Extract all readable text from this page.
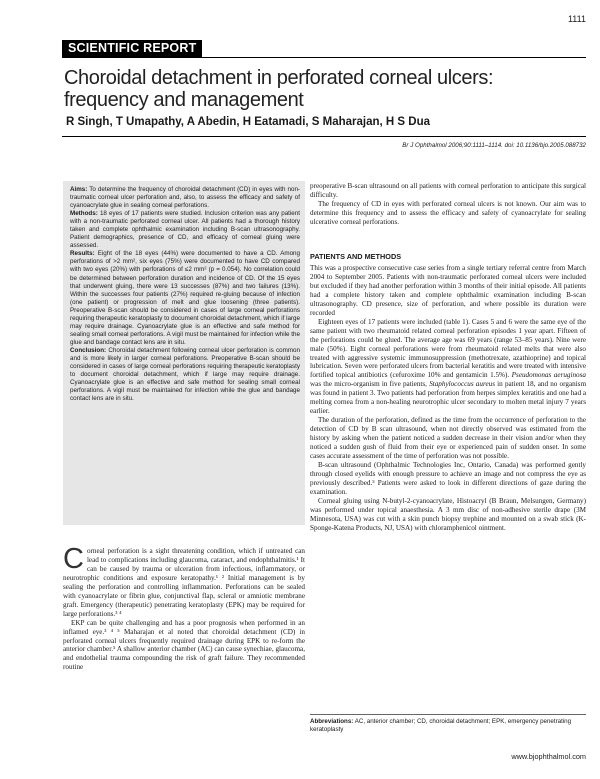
1111
SCIENTIFIC REPORT
Choroidal detachment in perforated corneal ulcers:
frequency and management
R Singh, T Umapathy, A Abedin, H Eatamadi, S Maharajan, H S Dua
Br J Ophthalmol 2006;90:1111–1114. doi: 10.1136/bjo.2005.088732

Aims: To determine the frequency of choroidal detachment (CD) in eyes with non-traumatic corneal ulcer perforation and, also, to assess the efficacy and safety of cyanoacrylate glue in sealing corneal perforations.

Methods: 18 eyes of 17 patients were studied. Inclusion criterion was any patient with a non-traumatic perforated corneal ulcer. All patients had a thorough history taken and complete ophthalmic examination including B-scan ultrasonography. Patient demographics, presence of CD, and efficacy of corneal gluing were assessed.

Results: Eight of the 18 eyes (44%) were documented to have a CD. Among perforations of >2 mm², six eyes (75%) were documented to have CD compared with two eyes (20%) with perforations of ≤2 mm² (p = 0.054). No correlation could be determined between perforation duration and incidence of CD. Of the 15 eyes that underwent gluing, there were 13 successes (87%) and two failures (13%). Within the successes four patients (27%) required re-gluing because of infection (one patient) or progression of melt and glue loosening (three patients). Preoperative B-scan should be considered in cases of large corneal perforations requiring therapeutic keratoplasty to document choroidal detachment, which if large may require drainage. Cyanoacrylate glue is an effective and safe method for sealing small corneal perforations. A vigil must be maintained for infection while the glue and bandage contact lens are in situ.

Conclusion: Choroidal detachment following corneal ulcer perforation is common and is more likely in larger corneal perforations. Preoperative B-scan should be considered in cases of large corneal perforations requiring therapeutic keratoplasty to document choroidal detachment, which if large may require drainage. Cyanoacrylate glue is an effective and safe method for sealing small corneal perforations. A vigil must be maintained for infection while the glue and bandage contact lens are in situ.

Corneal perforation is a sight threatening condition, which if untreated can lead to complications including glaucoma, cataract, and endophthalmitis.¹ It can be caused by trauma or ulceration from infectious, inflammatory, or neurotrophic conditions and exposure keratopathy.¹ ² Initial management is by sealing the perforation and controlling inflammation. Perforations can be sealed with cyanoacrylate or fibrin glue, conjunctival flap, scleral or amniotic membrane graft. Emergency (therapeutic) penetrating keratoplasty (EPK) may be required for large perforations.³ ⁴

EKP can be quite challenging and has a poor prognosis when performed in an inflamed eye.³ ⁴ ⁵ Maharajan et al noted that choroidal detachment (CD) in perforated corneal ulcers frequently required drainage during EPK to re-form the anterior chamber.⁵ A shallow anterior chamber (AC) can cause synechiae, glaucoma, and endothelial trauma compounding the risk of graft failure. They recommended routine

preoperative B-scan ultrasound on all patients with corneal perforation to anticipate this surgical difficulty.

The frequency of CD in eyes with perforated corneal ulcers is not known. Our aim was to determine this frequency and to assess the efficacy and safety of cyanoacrylate for sealing ulcerative corneal perforations.

PATIENTS AND METHODS

This was a prospective consecutive case series from a single tertiary referral centre from March 2004 to September 2005. Patients with non-traumatic perforated corneal ulcers were included but excluded if they had another perforation within 3 months of their initial episode. All patients had a complete history taken and complete ophthalmic examination including B-scan ultrasonography. CD presence, size of perforation, and where possible its duration were recorded

Eighteen eyes of 17 patients were included (table 1). Cases 5 and 6 were the same eye of the same patient with two rheumatoid related corneal perforation episodes 1 year apart. Fifteen of the perforations could be glued. The average age was 69 years (range 53–85 years). Nine were male (50%). Eight corneal perforations were from rheumatoid related melts that were also treated with aggressive systemic immunosuppression (methotrexate, azathioprine) and topical lubrication. Seven were perforated ulcers from bacterial keratitis and were treated with intensive fortified topical antibiotics (cefuroxime 10% and gentamicin 1.5%). Pseudomonas aeruginosa was the micro-organism in five patients, Staphylococcus aureus in patient 18, and no organism was found in patient 3. Two patients had perforation from herpes simplex keratitis and one had a melting cornea from a non-healing neurotrophic ulcer secondary to molten metal injury 7 years earlier.

The duration of the perforation, defined as the time from the occurrence of perforation to the detection of CD by B scan ultrasound, when not directly observed was estimated from the history by asking when the patient noticed a sudden decrease in their vision and/or when they noticed a sudden gush of fluid from their eye or experienced pain of sudden onset. In some cases accurate assessment of the time of perforation was not possible.

B-scan ultrasound (Ophthalmic Technologies Inc, Ontario, Canada) was performed gently through closed eyelids with enough pressure to achieve an image and not compress the eye as previously described.⁵ Patients were asked to look in different directions of gaze during the examination.

Corneal gluing using N-butyl-2-cyanoacrylate, Histoacryl (B Braun, Melsungen, Germany) was performed under topical anaesthesia. A 3 mm disc of non-adhesive sterile drape (3M Minnesota, USA) was cut with a skin punch biopsy trephine and mounted on a swab stick (K-Sponge-Katena Products, NJ, USA) with chloramphenicol ointment.

Abbreviations: AC, anterior chamber; CD, choroidal detachment; EPK, emergency penetrating keratoplasty
www.bjophthalmol.com
